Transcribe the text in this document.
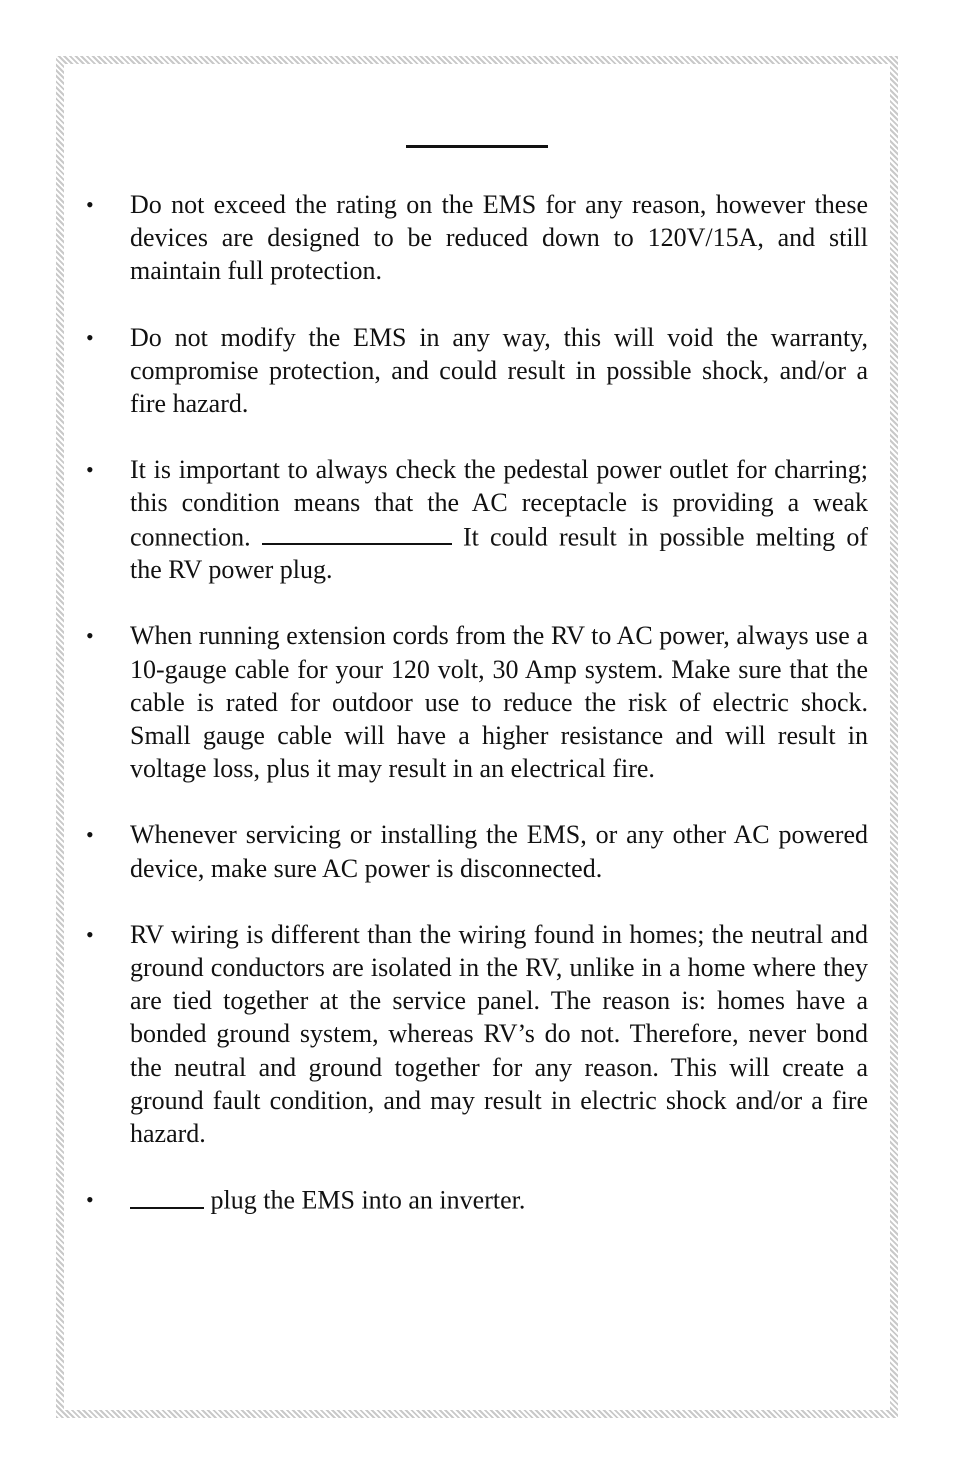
• Do not exceed the rating on the EMS for any reason, however these devices are designed to be reduced down to 120V/15A, and still maintain full protection.
• Do not modify the EMS in any way, this will void the warranty, compromise protection, and could result in possible shock, and/or a fire hazard.
• It is important to always check the pedestal power outlet for charring; this condition means that the AC receptacle is providing a weak connection.	It could result in possible melting of the RV power plug.
• When running extension cords from the RV to AC power, always use a 10-gauge cable for your 120 volt, 30 Amp system. Make sure that the cable is rated for outdoor use to reduce the risk of electric shock. Small gauge cable will have a higher resistance and will result in voltage loss, plus it may result in an electrical fire.
• Whenever servicing or installing the EMS, or any other AC powered device, make sure AC power is disconnected.
• RV wiring is different than the wiring found in homes; the neutral and ground conductors are isolated in the RV, unlike in a home where they are tied together at the service panel. The reason is: homes have a bonded ground system, whereas RV’s do not. Therefore, never bond the neutral and ground together for any reason. This will create a ground fault condition, and may result in electric shock and/or a fire hazard.
•	plug the EMS into an inverter.
